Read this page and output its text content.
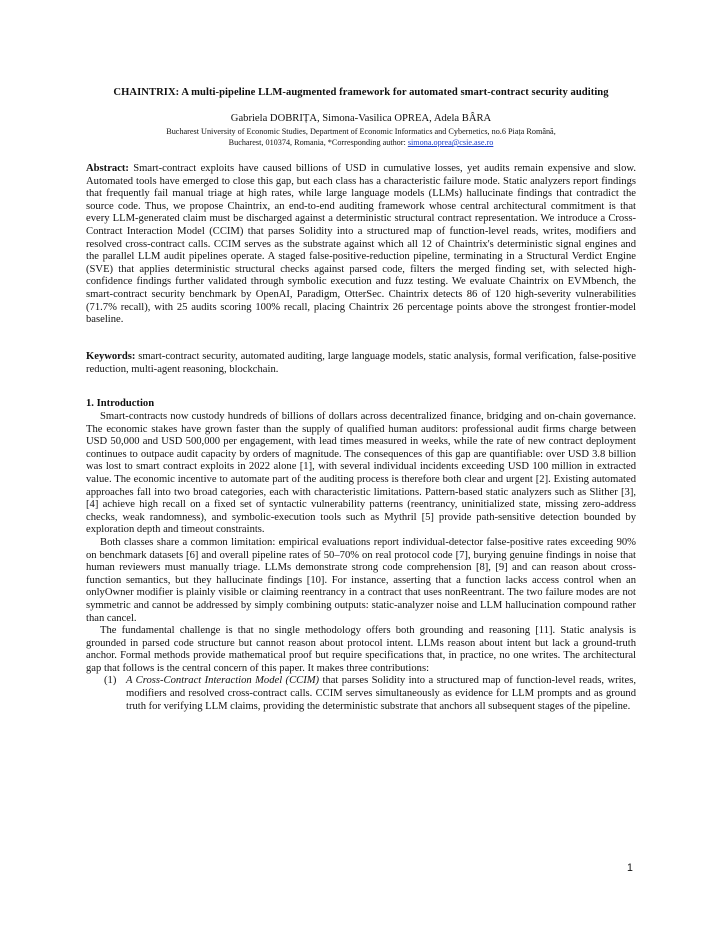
CHAINTRIX: A multi-pipeline LLM-augmented framework for automated smart-contract security auditing
Gabriela DOBRIȚA, Simona-Vasilica OPREA, Adela BÂRA
Bucharest University of Economic Studies, Department of Economic Informatics and Cybernetics, no.6 Piața Română,
Bucharest, 010374, Romania, *Corresponding author: simona.oprea@csie.ase.ro

Abstract: Smart-contract exploits have caused billions of USD in cumulative losses, yet audits remain expensive and slow. Automated tools have emerged to close this gap, but each class has a characteristic failure mode. Static analyzers report findings that frequently fail manual triage at high rates, while large language models (LLMs) hallucinate findings that contradict the source code. Thus, we propose Chaintrix, an end-to-end auditing framework whose central architectural commitment is that every LLM-generated claim must be discharged against a deterministic structural contract representation. We introduce a Cross-Contract Interaction Model (CCIM) that parses Solidity into a structured map of function-level reads, writes, modifiers and resolved cross-contract calls. CCIM serves as the substrate against which all 12 of Chaintrix's deterministic signal engines and the parallel LLM audit pipelines operate. A staged false-positive-reduction pipeline, terminating in a Structural Verdict Engine (SVE) that applies deterministic structural checks against parsed code, filters the merged finding set, with selected high-confidence findings further validated through symbolic execution and fuzz testing. We evaluate Chaintrix on EVMbench, the smart-contract security benchmark by OpenAI, Paradigm, OtterSec. Chaintrix detects 86 of 120 high-severity vulnerabilities (71.7% recall), with 25 audits scoring 100% recall, placing Chaintrix 26 percentage points above the strongest frontier-model baseline.

Keywords: smart-contract security, automated auditing, large language models, static analysis, formal verification, false-positive reduction, multi-agent reasoning, blockchain.

1. Introduction

Smart-contracts now custody hundreds of billions of dollars across decentralized finance, bridging and on-chain governance. The economic stakes have grown faster than the supply of qualified human auditors: professional audit firms charge between USD 50,000 and USD 500,000 per engagement, with lead times measured in weeks, while the rate of new contract deployment continues to outpace audit capacity by orders of magnitude. The consequences of this gap are quantifiable: over USD 3.8 billion was lost to smart contract exploits in 2022 alone [1], with several individual incidents exceeding USD 100 million in extracted value. The economic incentive to automate part of the auditing process is therefore both clear and urgent [2]. Existing automated approaches fall into two broad categories, each with characteristic limitations. Pattern-based static analyzers such as Slither [3], [4] achieve high recall on a fixed set of syntactic vulnerability patterns (reentrancy, uninitialized state, missing zero-address checks, weak randomness), and symbolic-execution tools such as Mythril [5] provide path-sensitive detection bounded by exploration depth and timeout constraints.

Both classes share a common limitation: empirical evaluations report individual-detector false-positive rates exceeding 90% on benchmark datasets [6] and overall pipeline rates of 50–70% on real protocol code [7], burying genuine findings in noise that human reviewers must manually triage. LLMs demonstrate strong code comprehension [8], [9] and can reason about cross-function semantics, but they hallucinate findings [10]. For instance, asserting that a function lacks access control when an onlyOwner modifier is plainly visible or claiming reentrancy in a contract that uses nonReentrant. The two failure modes are not symmetric and cannot be addressed by simply combining outputs: static-analyzer noise and LLM hallucination compound rather than cancel.

The fundamental challenge is that no single methodology offers both grounding and reasoning [11]. Static analysis is grounded in parsed code structure but cannot reason about protocol intent. LLMs reason about intent but lack a ground-truth anchor. Formal methods provide mathematical proof but require specifications that, in practice, no one writes. The architectural gap that follows is the central concern of this paper. It makes three contributions:

(1) A Cross-Contract Interaction Model (CCIM) that parses Solidity into a structured map of function-level reads, writes, modifiers and resolved cross-contract calls. CCIM serves simultaneously as evidence for LLM prompts and as ground truth for verifying LLM claims, providing the deterministic substrate that anchors all subsequent stages of the pipeline.
1
